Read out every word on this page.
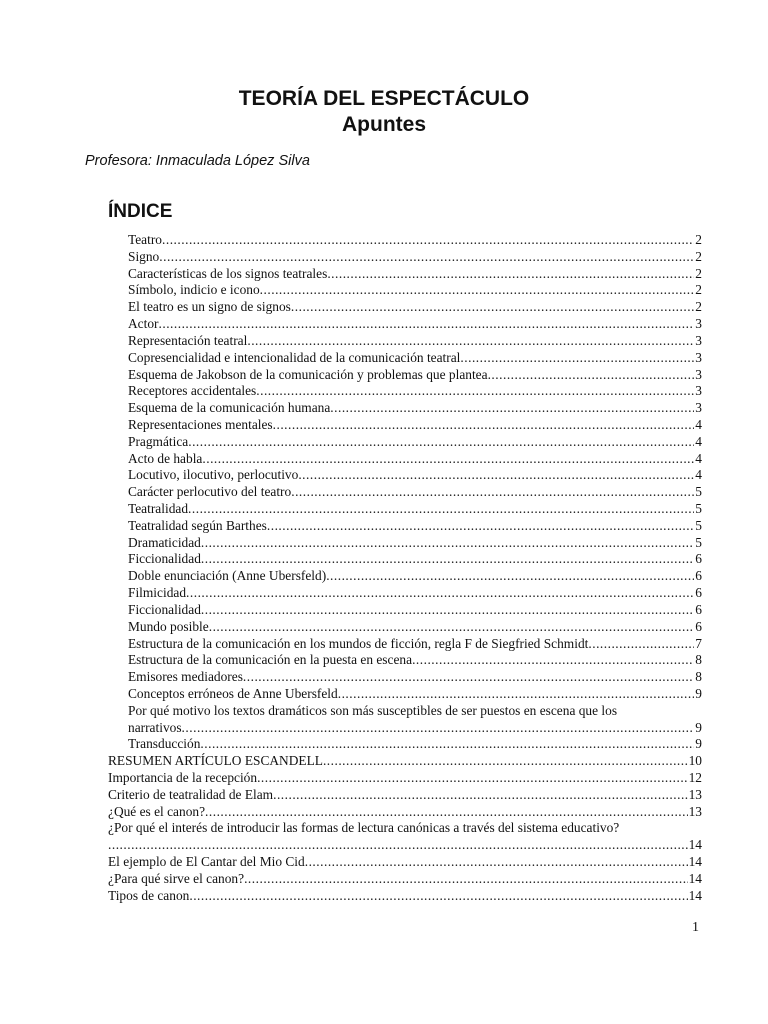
TEORÍA DEL ESPECTÁCULO
Apuntes
Profesora: Inmaculada López Silva
ÍNDICE
Teatro .....	2
Signo .....	2
Características de los signos teatrales .....	2
Símbolo, indicio e icono .....	2
El teatro es un signo de signos .....	2
Actor .....	3
Representación teatral .....	3
Copresencialidad e intencionalidad de la comunicación teatral .....	3
Esquema de Jakobson de la comunicación y problemas que plantea .....	3
Receptores accidentales .....	3
Esquema de la comunicación humana .....	3
Representaciones mentales .....	4
Pragmática .....	4
Acto de habla .....	4
Locutivo, ilocutivo, perlocutivo .....	4
Carácter perlocutivo del teatro .....	5
Teatralidad .....	5
Teatralidad según Barthes .....	5
Dramaticidad .....	5
Ficcionalidad .....	6
Doble enunciación (Anne Ubersfeld) .....	6
Filmicidad .....	6
Ficcionalidad .....	6
Mundo posible .....	6
Estructura de la comunicación en los mundos de ficción, regla F de Siegfried Schmidt .....	7
Estructura de la comunicación en la puesta en escena .....	8
Emisores mediadores .....	8
Conceptos erróneos de Anne Ubersfeld .....	9
Por qué motivo los textos dramáticos son más susceptibles de ser puestos en escena que los
narrativos .....	9
Transducción .....	9
RESUMEN ARTÍCULO ESCANDELL .....	10
Importancia de la recepción .....	12
Criterio de teatralidad de Elam .....	13
¿Qué es el canon? .....	13
¿Por qué el interés de introducir las formas de lectura canónicas a través del sistema educativo?
.....
14
El ejemplo de El Cantar del Mio Cid .....	14
¿Para qué sirve el canon? .....	14
Tipos de canon .....	14
1
